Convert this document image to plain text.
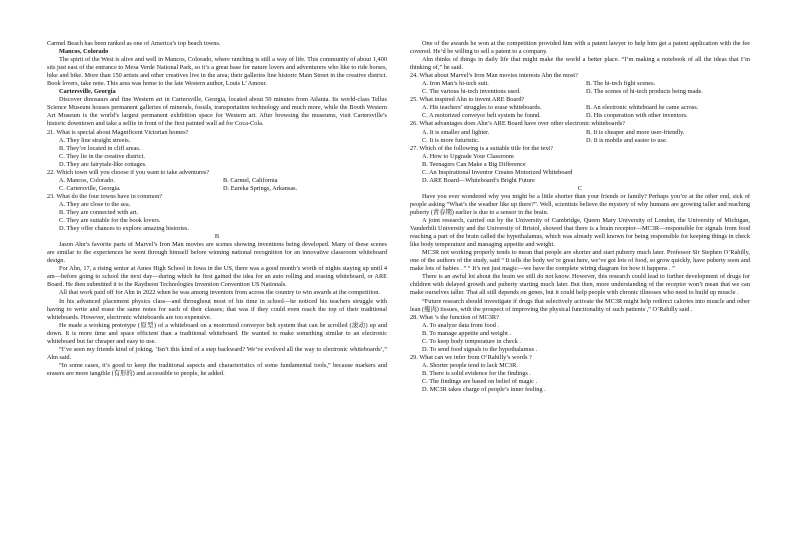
Carmel Beach has been ranked as one of America’s top beach towns.

Mancos, Colorado

The spirit of the West is alive and well in Mancos, Colorado, where ranching is still a way of life. This community of about 1,400 sits just east of the entrance to Mesa Verde National Park, so it’s a great base for nature lovers and adventurers who like to ride horses, hike and bike. More than 150 artists and other creatives live in the area; their galleries line historic Main Street in the creative district. Book lovers, take note. This area was home to the late Western author, Louis L’ Amour.

Cartersville, Georgia

Discover dinosaurs and fine Western art in Cartersville, Georgia, located about 50 minutes from Atlanta. Its world-class Tellus Science Museum houses permanent galleries of minerals, fossils, transportation technology and much more, while the Booth Western Art Museum is the world’s largest permanent exhibition space for Western art. After browsing the museums, visit Cartersville’s historic downtown and take a selfie in front of the first painted wall ad for Coca-Cola.

21. What is special about Magnificent Victorian homes?

A. They line straight streets.

B. They’re located in cliff areas.

C. They lie in the creative district.

D. They are fairytale-like cottages.

22. Which town will you choose if you want to take adventures?

A. Mancos, Colorado.	B. Carmel, California

C. Cartersville, Georgia.	D. Eureka Springs, Arkansas.

23. What do the four towns have in common?

A. They are close to the sea.

B. They are connected with art.

C. They are suitable for the book lovers.

D. They offer chances to explore amazing histories.

B

Jason Ahn’s favorite parts of Marvel’s Iron Man movies are scenes showing inventions being developed. Many of these scenes are similar to the experiences he went through himself before winning national recognition for an innovative classroom whiteboard design.

For Ahn, 17, a rising senior at Ames High School in Iowa in the US, there was a good month’s worth of nights staying up until 4 am—before going to school the next day—during which he first gained the idea for an auto rolling and erasing whiteboard, or ARE Board. He then submitted it to the Raytheon Technologies Invention Convention US Nationals.

All that work paid off for Ahn in 2022 when he was among inventors from across the country to win awards at the competition.

In his advanced placement physics class—and throughout most of his time in school—he noticed his teachers struggle with having to write and erase the same notes for each of their classes; that was if they could even reach the top of their traditional whiteboards. However, electronic whiteboards are too expensive.

He made a working prototype (原型) of a whiteboard on a motorized conveyor belt system that can be scrolled (滚动) up and down. It is more time and space efficient than a traditional whiteboard. He wanted to make something similar to an electronic whiteboard but far cheaper and easy to use.

“I’ve seen my friends kind of joking, ‘Isn’t this kind of a step backward? We’ve evolved all the way to electronic whiteboards’,” Ahn said.

“In some cases, it’s good to keep the traditional aspects and characteristics of some fundamental tools,” because markers and erasers are more tangible (有形的) and accessible to people, he added.

One of the awards he won at the competition provided him with a patent lawyer to help him get a patent application with the fee covered. He’d be willing to sell a patent to a company.

Ahn thinks of things in daily life that might make the world a better place. “I’m making a notebook of all the ideas that I’m thinking of,” he said.

24. What about Marvel’s Iron Man movies interests Ahn the most?

A. Iron Man’s hi-tech suit.	B. The hi-tech fight scenes.

C. The various hi-tech inventions used.	D. The scenes of hi-tech products being made.

25. What inspired Ahn to invent ARE Board?

A. His teachers’ struggles to erase whiteboards.	B. An electronic whiteboard he came across.

C. A motorized conveyor belt system he found.	D. His cooperation with other inventors.

26. What advantages does Ahn’s ARE Board have over other electronic whiteboards?

A. It is smaller and lighter.	B. It is cheaper and more user-friendly.

C. It is more futuristic.	D. It is mobile and easier to use.

27. Which of the following is a suitable title for the text?

A. How to Upgrade Your Classroom

B. Teenagers Can Make a Big Difference

C. An Inspirational Inventor Creates Motorized Whiteboard

D. ARE Board—Whiteboard’s Bright Future

C

Have you ever wondered why you might be a little shorter than your friends or family? Perhaps you’re at the other end, sick of people asking “What’s the weather like up there?”. Well, scientists believe the mystery of why humans are growing taller and reaching puberty (青春期) earlier is due to a sensor in the brain.

A joint research, carried out by the University of Cambridge, Queen Mary University of London, the University of Michigan, Vanderbilt University and the University of Bristol, showed that there is a brain receptor—MC3R—responsible for signals from food reaching a part of the brain called the hypothalamus, which was already well known for being responsible for keeping things in check like body temperature and managing appetite and weight.

MC3R not working properly tends to mean that people are shorter and start puberty much later. Professor Sir Stephen O’Rahilly, one of the authors of the study, said “ It tells the body we’re great here, we’ve got lots of food, so grow quickly, have puberty soon and make lots of babies . ” “ It’s not just magic—we have the complete wiring diagram for how it happens . ”

There is an awful lot about the brain we still do not know. However, this research could lead to further development of drugs for children with delayed growth and puberty starting much later. But then, more understanding of the receptor won’t mean that we can make ourselves taller. That all still depends on genes, but it could help people with chronic illnesses who need to build up muscle .

“Future research should investigate if drugs that selectively activate the MC3R might help redirect calories into muscle and other lean (瘦肉) tissues, with the prospect of improving the physical functionality of such patients ,” O’Rahilly said .

28. What ’s the function of MC3R?

A. To analyze data from food .

B. To manage appetite and weight .

C. To keep body temperature in check .

D. To send food signals to the hypothalamus .

29. What can we infer from O’Rahilly’s words ?

A. Shorter people tend to lack MC3R.

B. There is solid evidence for the findings .

C. The findings are based on belief of magic .

D. MC3R takes charge of people’s inner feeling .
